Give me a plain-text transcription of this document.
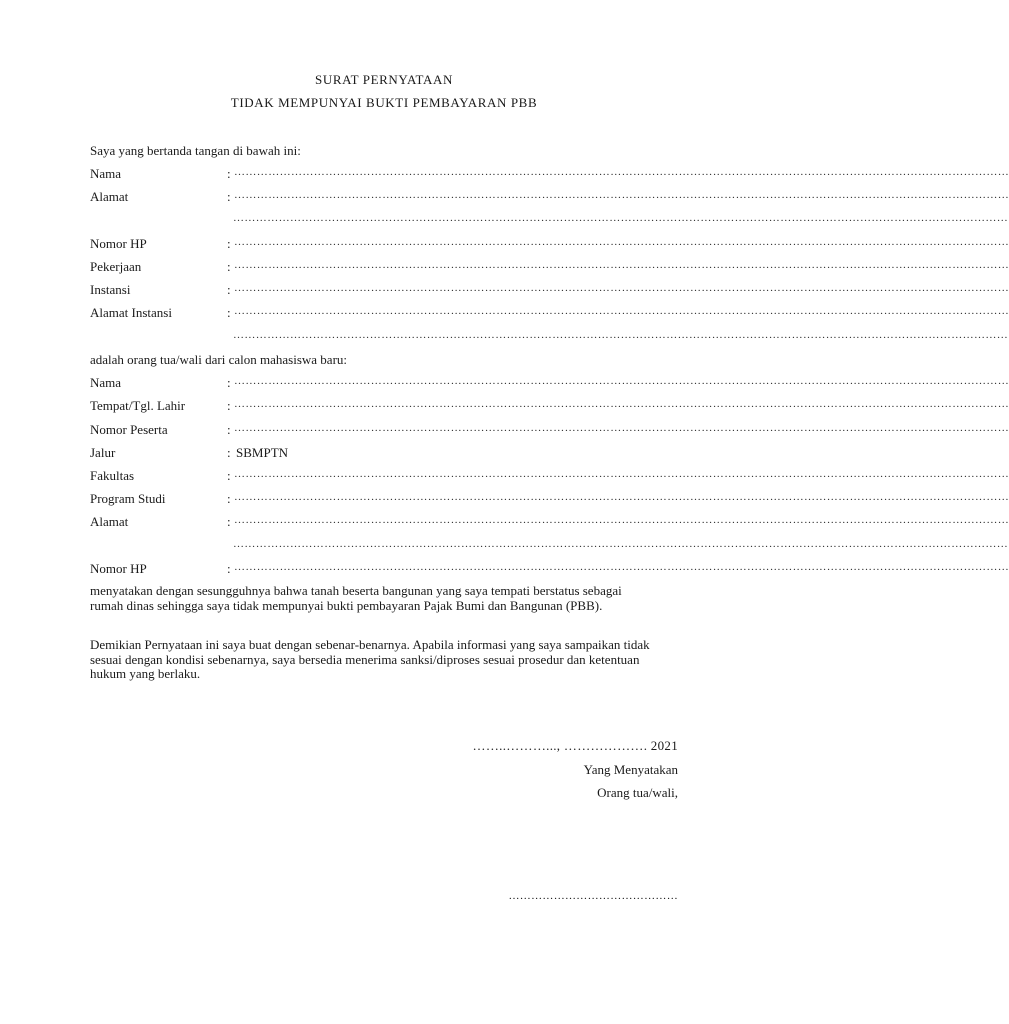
SURAT PERNYATAAN
TIDAK MEMPUNYAI BUKTI PEMBAYARAN PBB
Saya yang bertanda tangan di bawah ini:
Nama	: ……………………………………………………………………………………………………………………………………………………………………………………
Alamat	: ……………………………………………………………………………………………………………………………………………………………………………………
……………………………………………………………………………………………………………………………………………………………………………………
Nomor HP	: ……………………………………………………………………………………………………………………………………………………………………………………
Pekerjaan	: ……………………………………………………………………………………………………………………………………………………………………………………
Instansi	: ……………………………………………………………………………………………………………………………………………………………………………………
Alamat Instansi	: ……………………………………………………………………………………………………………………………………………………………………………………
……………………………………………………………………………………………………………………………………………………………………………………
adalah orang tua/wali dari calon mahasiswa baru:
Nama	: ……………………………………………………………………………………………………………………………………………………………………………………
Tempat/Tgl. Lahir	: ……………………………………………………………………………………………………………………………………………………………………………………
Nomor Peserta	: ……………………………………………………………………………………………………………………………………………………………………………………
Jalur	: SBMPTN
Fakultas	: ……………………………………………………………………………………………………………………………………………………………………………………
Program Studi	: ……………………………………………………………………………………………………………………………………………………………………………………
Alamat	: ……………………………………………………………………………………………………………………………………………………………………………………
……………………………………………………………………………………………………………………………………………………………………………………
Nomor HP	: ……………………………………………………………………………………………………………………………………………………………………………………
menyatakan dengan sesungguhnya bahwa tanah beserta bangunan yang saya tempati berstatus sebagai rumah dinas sehingga saya tidak mempunyai bukti pembayaran Pajak Bumi dan Bangunan (PBB).
Demikian Pernyataan ini saya buat dengan sebenar-benarnya. Apabila informasi yang saya sampaikan tidak sesuai dengan kondisi sebenarnya, saya bersedia menerima sanksi/diproses sesuai prosedur dan ketentuan hukum yang berlaku.
……..………..., ………………. 2021
Yang Menyatakan
Orang tua/wali,
………………………………………
